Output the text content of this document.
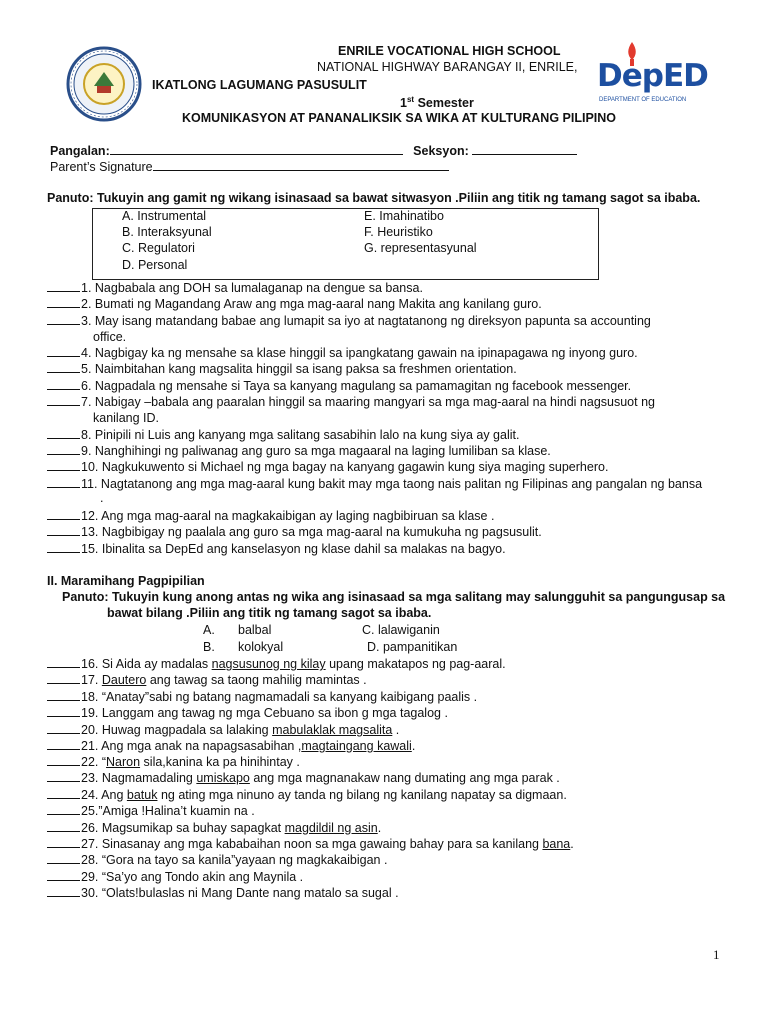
DepED
DEPARTMENT OF EDUCATION
ENRILE VOCATIONAL HIGH SCHOOL
NATIONAL HIGHWAY BARANGAY II, ENRILE,
IKATLONG LAGUMANG PASUSULIT
1st Semester
KOMUNIKASYON AT PANANALIKSIK SA WIKA AT KULTURANG PILIPINO
Pangalan:	Seksyon:
Parent’s Signature
Panuto: Tukuyin ang gamit ng wikang isinasaad sa bawat sitwasyon .Piliin ang titik ng tamang sagot sa ibaba.
A. Instrumental
B. Interaksyunal
C. Regulatori
D. Personal
E. Imahinatibo
F. Heuristiko
G. representasyunal
1. Nagbabala ang DOH sa lumalaganap na dengue sa bansa.
2. Bumati ng Magandang Araw ang mga mag-aaral nang Makita ang kanilang guro.
3. May isang matandang babae ang lumapit sa iyo at nagtatanong ng direksyon papunta sa accounting
office.
4. Nagbigay ka ng mensahe sa klase hinggil sa ipangkatang gawain na ipinapagawa ng inyong guro.
5. Naimbitahan kang magsalita hinggil sa isang paksa sa freshmen orientation.
6. Nagpadala ng mensahe si Taya sa kanyang magulang sa pamamagitan ng facebook messenger.
7. Nabigay –babala ang paaralan hinggil sa maaring mangyari sa mga mag-aaral na hindi nagsusuot ng
kanilang ID.
8. Pinipili ni Luis ang kanyang mga salitang sasabihin lalo na kung siya ay galit.
9. Nanghihingi ng paliwanag ang guro sa mga magaaral na laging lumiliban sa klase.
10. Nagkukuwento si Michael ng mga bagay na kanyang gagawin kung siya maging superhero.
11. Nagtatanong ang mga mag-aaral kung bakit may mga taong nais palitan ng Filipinas ang pangalan ng bansa
.
12. Ang mga mag-aaral na magkakaibigan ay laging nagbibiruan sa klase .
13. Nagbibigay ng paalala ang guro sa mga mag-aaral na kumukuha ng pagsusulit.
15. Ibinalita sa DepEd ang kanselasyon ng klase dahil sa malakas na bagyo.
II. Maramihang Pagpipilian
Panuto: Tukuyin kung anong antas ng wika ang isinasaad sa mga salitang may salungguhit sa pangungusap sa
bawat bilang .Piliin ang titik ng tamang sagot sa ibaba.
A. balbal	C. lalawiganin
B. kolokyal	D. pampanitikan
16. Si Aida ay madalas nagsusunog ng kilay upang makatapos ng pag-aaral.
17. Dautero ang tawag sa taong mahilig mamintas .
18. “Anatay”sabi ng batang nagmamadali sa kanyang kaibigang paalis .
19. Langgam ang tawag ng mga Cebuano sa ibon g mga tagalog .
20. Huwag magpadala sa lalaking mabulaklak magsalita .
21. Ang mga anak na napagsasabihan ,magtaingang kawali.
22. “Naron sila,kanina ka pa hinihintay .
23. Nagmamadaling umiskapo ang mga magnanakaw nang dumating ang mga parak .
24. Ang batuk ng ating mga ninuno ay tanda ng bilang ng kanilang napatay sa digmaan.
25.”Amiga !Halina’t kuamin na .
26. Magsumikap sa buhay sapagkat magdildil ng asin.
27. Sinasanay ang mga kababaihan noon sa mga gawaing bahay para sa kanilang bana.
28. “Gora na tayo sa kanila”yayaan ng magkakaibigan .
29. “Sa’yo ang Tondo akin ang Maynila .
30. “Olats!bulaslas ni Mang Dante nang matalo sa sugal .
1
